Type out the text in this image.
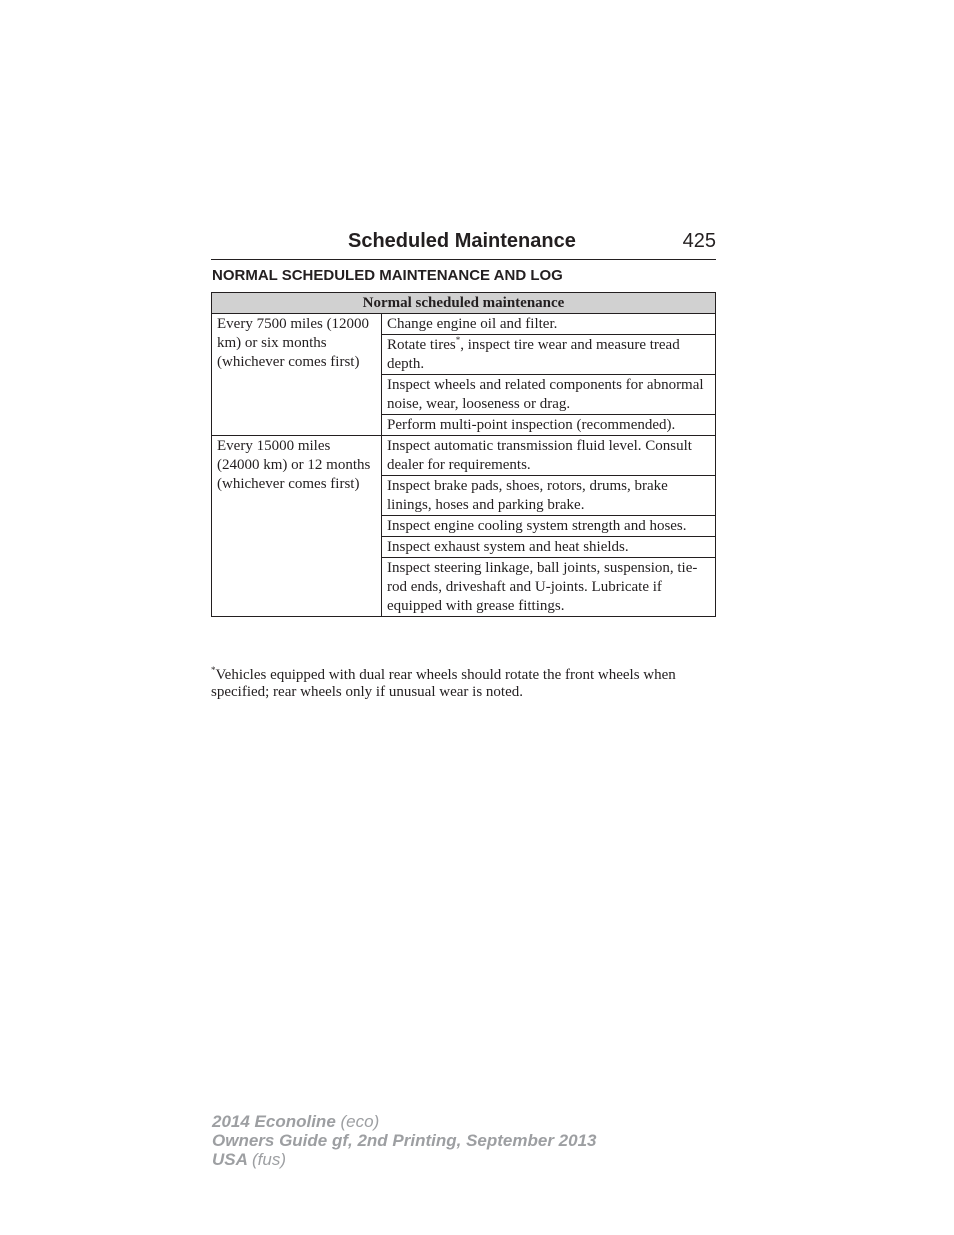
Scheduled Maintenance	425
NORMAL SCHEDULED MAINTENANCE AND LOG
Normal scheduled maintenance	
Every 7500 miles (12000 km) or six months (whichever comes first)	Change engine oil and filter.
	Rotate tires*, inspect tire wear and measure tread depth.
	Inspect wheels and related components for abnormal noise, wear, looseness or drag.
	Perform multi-point inspection (recommended).
Every 15000 miles (24000 km) or 12 months (whichever comes first)	Inspect automatic transmission fluid level. Consult dealer for requirements.
	Inspect brake pads, shoes, rotors, drums, brake linings, hoses and parking brake.
	Inspect engine cooling system strength and hoses.
	Inspect exhaust system and heat shields.
	Inspect steering linkage, ball joints, suspension, tie-rod ends, driveshaft and U-joints. Lubricate if equipped with grease fittings.
*Vehicles equipped with dual rear wheels should rotate the front wheels when specified; rear wheels only if unusual wear is noted.
2014 Econoline (eco)
Owners Guide gf, 2nd Printing, September 2013
USA (fus)
